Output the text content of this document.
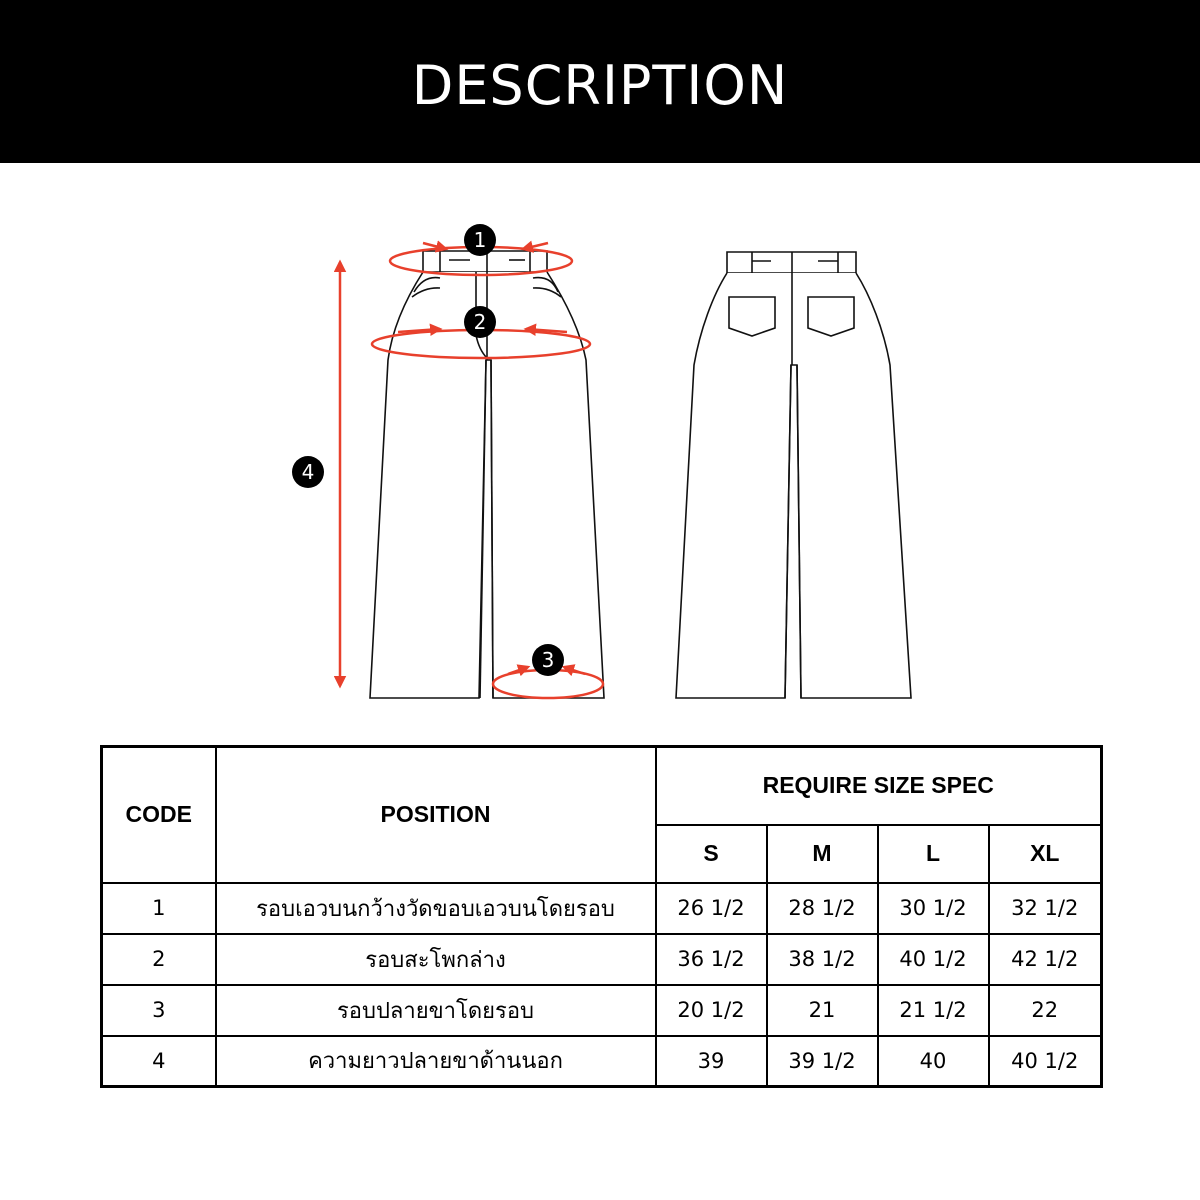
DESCRIPTION
1
2
3
4
CODE	POSITION	REQUIRE SIZE SPEC			
		S	M	L	XL
1	รอบเอวบนกว้างวัดขอบเอวบนโดยรอบ	26 1/2	28 1/2	30 1/2	32 1/2
2	รอบสะโพกล่าง	36 1/2	38 1/2	40 1/2	42 1/2
3	รอบปลายขาโดยรอบ	20 1/2	21	21 1/2	22
4	ความยาวปลายขาด้านนอก	39	39 1/2	40	40 1/2
